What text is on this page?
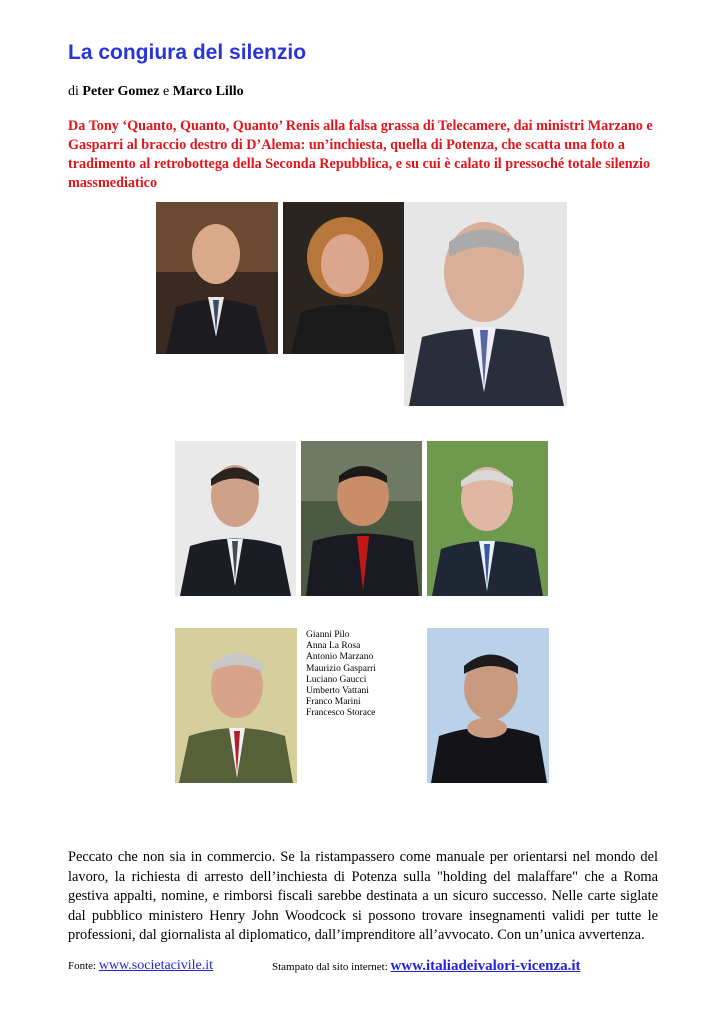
La congiura del silenzio
di Peter Gomez e Marco Lillo
Da Tony ‘Quanto, Quanto, Quanto’ Renis alla falsa grassa di Telecamere, dai ministri Marzano e Gasparri al braccio destro di D’Alema: un’inchiesta, quella di Potenza, che scatta una foto a tradimento al retrobottega della Seconda Repubblica, e su cui è calato il pressoché totale silenzio massmediatico
Gianni Pilo
Anna La Rosa
Antonio Marzano
Maurizio Gasparri
Luciano Gaucci
Umberto Vattani
Franco Marini
Francesco Storace
Peccato che non sia in commercio. Se la ristampassero come manuale per orientarsi nel mondo del lavoro, la richiesta di arresto dell’inchiesta di Potenza sulla "holding del malaffare" che a Roma gestiva appalti, nomine, e rimborsi fiscali sarebbe destinata a un sicuro successo. Nelle carte siglate dal pubblico ministero Henry John Woodcock si possono trovare insegnamenti validi per tutte le professioni, dal giornalista al diplomatico, dall’imprenditore all’avvocato. Con un’unica avvertenza.
Fonte: www.societacivile.it	Stampato dal sito internet: www.italiadeivalori-vicenza.it
